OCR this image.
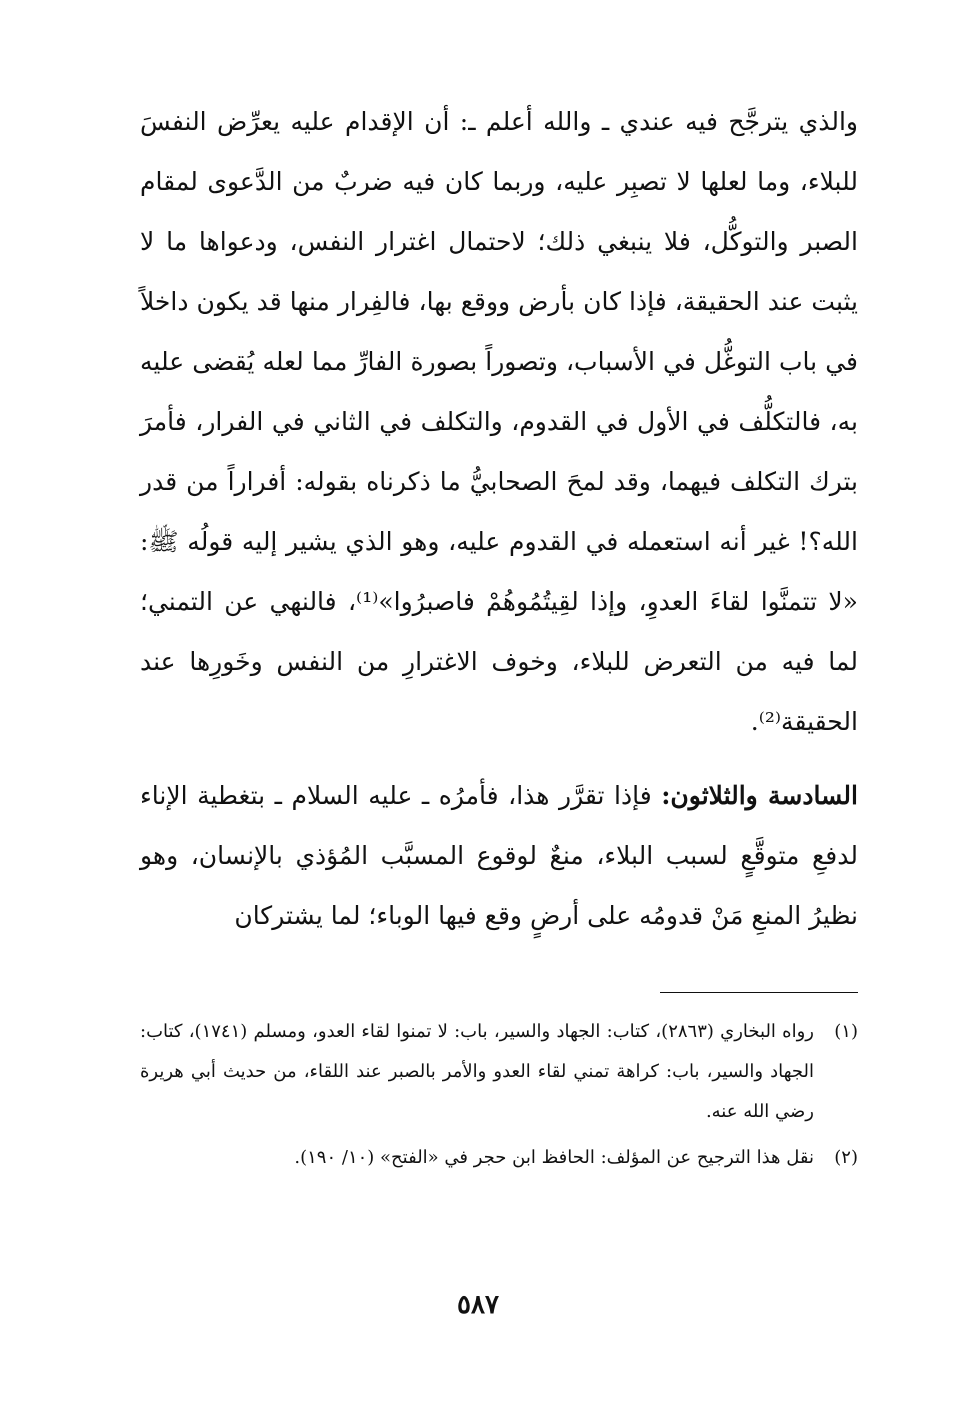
والذي يترجَّح فيه عندي ـ والله أعلم ـ: أن الإقدام عليه يعرِّض النفسَ للبلاء، وما لعلها لا تصبِر عليه، وربما كان فيه ضربٌ من الدَّعوى لمقام الصبر والتوكُّل، فلا ينبغي ذلك؛ لاحتمال اغترار النفس، ودعواها ما لا يثبت عند الحقيقة، فإذا كان بأرض ووقع بها، فالفِرار منها قد يكون داخلاً في باب التوغُّل في الأسباب، وتصوراً بصورة الفارِّ مما لعله يُقضى عليه به، فالتكلُّف في الأول في القدوم، والتكلف في الثاني في الفرار، فأمرَ بترك التكلف فيهما، وقد لمحَ الصحابيُّ ما ذكرناه بقوله: أفراراً من قدر الله؟! غير أنه استعمله في القدوم عليه، وهو الذي يشير إليه قولُه ﷺ: «لا تتمنَّوا لقاءَ العدوِ، وإذا لقِيتُمُوهُمْ فاصبرُوا»⁽¹⁾، فالنهي عن التمني؛ لما فيه من التعرض للبلاء، وخوف الاغترارِ من النفس وخَورِها عند الحقيقة⁽²⁾.

السادسة والثلاثون: فإذا تقرَّر هذا، فأمرُه ـ عليه السلام ـ بتغطية الإناء لدفعِ متوقَّعٍ لسبب البلاء، منعٌ لوقوع المسبَّب المُؤذي بالإنسان، وهو نظيرُ المنعِ مَنْ قدومُه على أرضٍ وقع فيها الوباء؛ لما يشتركان

(١)
رواه البخاري (٢٨٦٣)، كتاب: الجهاد والسير، باب: لا تمنوا لقاء العدو، ومسلم (١٧٤١)، كتاب: الجهاد والسير، باب: كراهة تمني لقاء العدو والأمر بالصبر عند اللقاء، من حديث أبي هريرة رضي الله عنه.
(٢)
نقل هذا الترجيح عن المؤلف: الحافظ ابن حجر في «الفتح» (١٠/ ١٩٠).
٥٨٧
